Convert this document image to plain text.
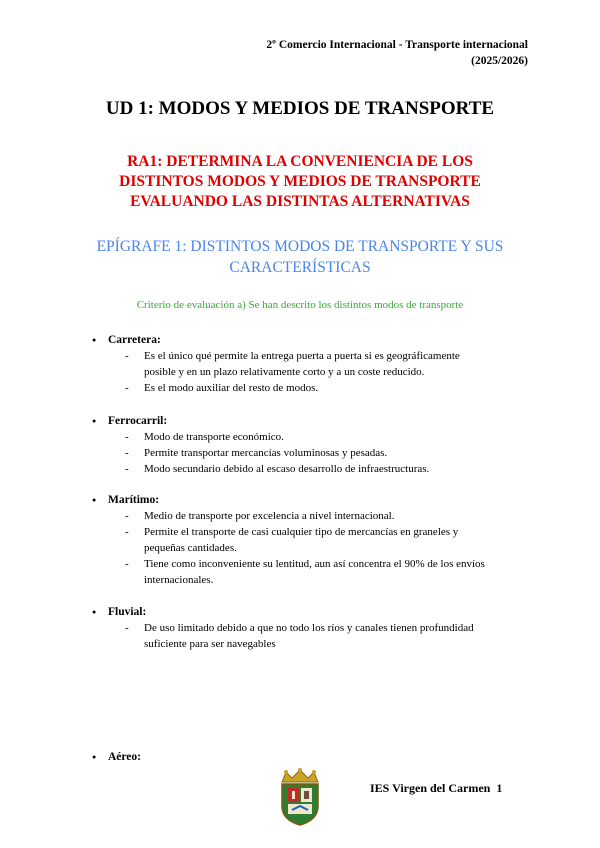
2º Comercio Internacional - Transporte internacional
(2025/2026)
UD 1: MODOS Y MEDIOS DE TRANSPORTE
RA1: DETERMINA LA CONVENIENCIA DE LOS
DISTINTOS MODOS Y MEDIOS DE TRANSPORTE
EVALUANDO LAS DISTINTAS ALTERNATIVAS
EPÍGRAFE 1: DISTINTOS MODOS DE TRANSPORTE Y SUS
CARACTERÍSTICAS
Criterio de evaluación a) Se han descrito los distintos modos de transporte
● Carretera:
- Es el único qué permite la entrega puerta a puerta si es geográficamente
posible y en un plazo relativamente corto y a un coste reducido.
- Es el modo auxiliar del resto de modos.
● Ferrocarril:
- Modo de transporte económico.
- Permite transportar mercancías voluminosas y pesadas.
- Modo secundario debido al escaso desarrollo de infraestructuras.
● Marítimo:
- Medio de transporte por excelencia a nivel internacional.
- Permite el transporte de casi cualquier tipo de mercancías en graneles y
pequeñas cantidades.
- Tiene como inconveniente su lentitud, aun así concentra el 90% de los envíos
internacionales.
● Fluvial:
- De uso limitado debido a que no todo los ríos y canales tienen profundidad
suficiente para ser navegables
● Aéreo:
IES Virgen del Carmen 1
